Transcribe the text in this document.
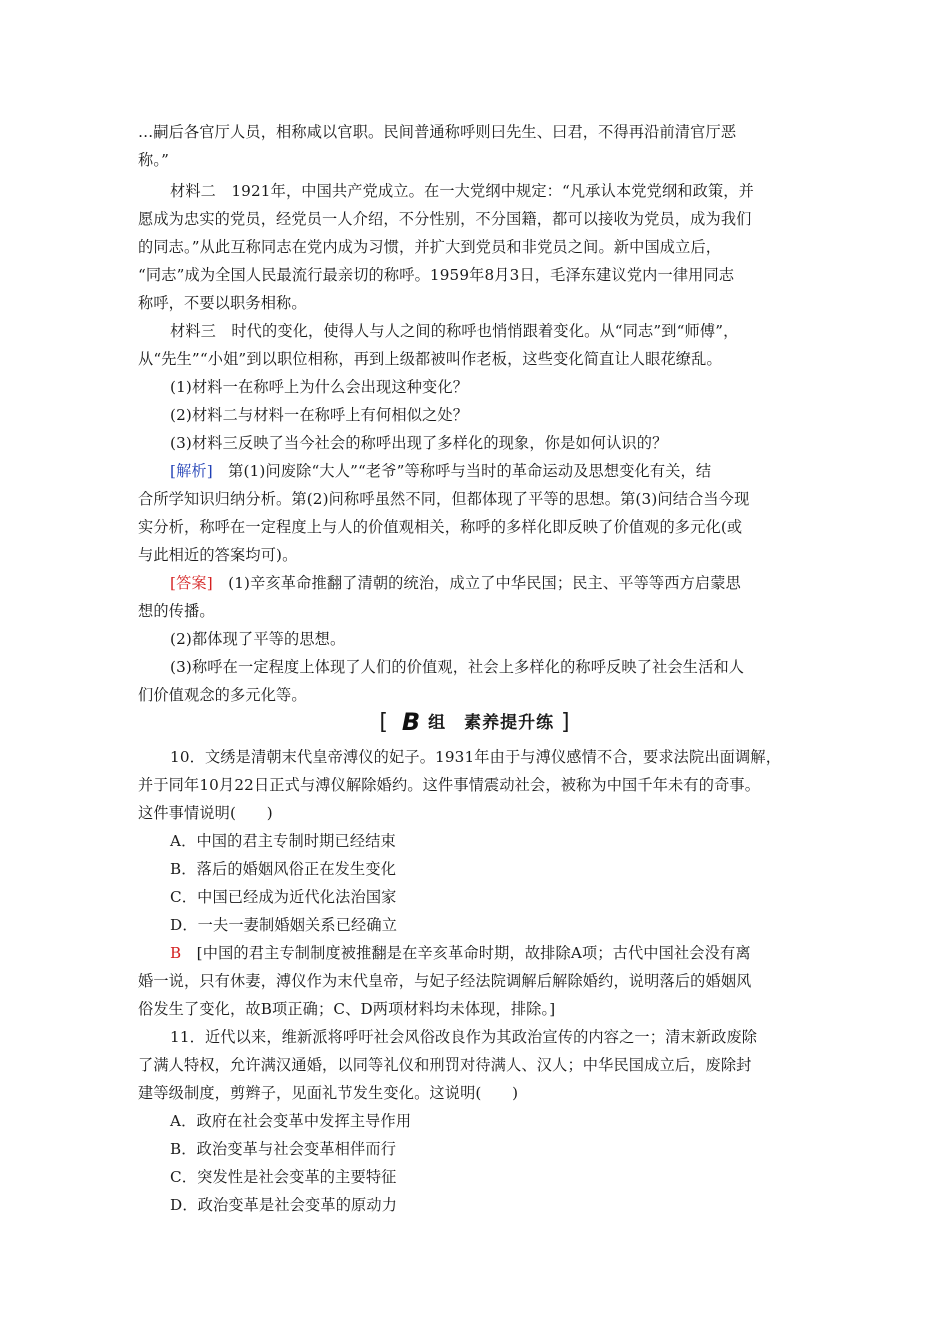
…嗣后各官厅人员，相称咸以官职。民间普通称呼则曰先生、曰君，不得再沿前清官厅恶
称。”
材料二　1921年，中国共产党成立。在一大党纲中规定：“凡承认本党党纲和政策，并
愿成为忠实的党员，经党员一人介绍，不分性别，不分国籍，都可以接收为党员，成为我们
的同志。”从此互称同志在党内成为习惯，并扩大到党员和非党员之间。新中国成立后，
“同志”成为全国人民最流行最亲切的称呼。1959年8月3日，毛泽东建议党内一律用同志
称呼，不要以职务相称。
材料三　时代的变化，使得人与人之间的称呼也悄悄跟着变化。从“同志”到“师傅”，
从“先生”“小姐”到以职位相称，再到上级都被叫作老板，这些变化简直让人眼花缭乱。
(1)材料一在称呼上为什么会出现这种变化？
(2)材料二与材料一在称呼上有何相似之处？
(3)材料三反映了当今社会的称呼出现了多样化的现象，你是如何认识的？
[解析]　第(1)问废除“大人”“老爷”等称呼与当时的革命运动及思想变化有关，结
合所学知识归纳分析。第(2)问称呼虽然不同，但都体现了平等的思想。第(3)问结合当今现
实分析，称呼在一定程度上与人的价值观相关，称呼的多样化即反映了价值观的多元化(或
与此相近的答案均可)。
[答案]　(1)辛亥革命推翻了清朝的统治，成立了中华民国；民主、平等等西方启蒙思
想的传播。
(2)都体现了平等的思想。
(3)称呼在一定程度上体现了人们的价值观，社会上多样化的称呼反映了社会生活和人
们价值观念的多元化等。
10．文绣是清朝末代皇帝溥仪的妃子。1931年由于与溥仪感情不合，要求法院出面调解，
并于同年10月22日正式与溥仪解除婚约。这件事情震动社会，被称为中国千年未有的奇事。
这件事情说明(　　)
A．中国的君主专制时期已经结束
B．落后的婚姻风俗正在发生变化
C．中国已经成为近代化法治国家
D．一夫一妻制婚姻关系已经确立
B　[中国的君主专制制度被推翻是在辛亥革命时期，故排除A项；古代中国社会没有离
婚一说，只有休妻，溥仪作为末代皇帝，与妃子经法院调解后解除婚约，说明落后的婚姻风
俗发生了变化，故B项正确；C、D两项材料均未体现，排除。]
11．近代以来，维新派将呼吁社会风俗改良作为其政治宣传的内容之一；清末新政废除
了满人特权，允许满汉通婚，以同等礼仪和刑罚对待满人、汉人；中华民国成立后，废除封
建等级制度，剪辫子，见面礼节发生变化。这说明(　　)
A．政府在社会变革中发挥主导作用
B．政治变革与社会变革相伴而行
C．突发性是社会变革的主要特征
D．政治变革是社会变革的原动力
[ B 组　素养提升练 ]
